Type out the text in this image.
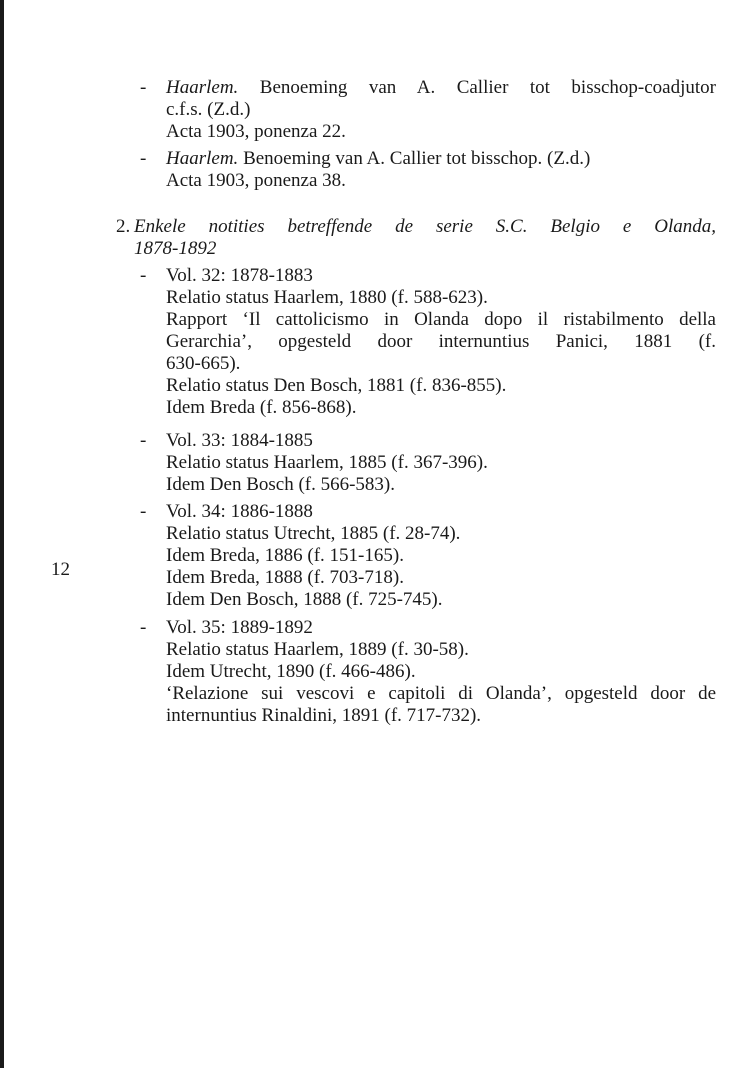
12
-	Haarlem. Benoeming van A. Callier tot bisschop-coadjutor
c.f.s. (Z.d.)
Acta 1903, ponenza 22.
-	Haarlem. Benoeming van A. Callier tot bisschop. (Z.d.)
Acta 1903, ponenza 38.
2. Enkele notities betreffende de serie S.C. Belgio e Olanda,
1878-1892
-	Vol. 32: 1878-1883
Relatio status Haarlem, 1880 (f. 588-623).
Rapport ‘Il cattolicismo in Olanda dopo il ristabilmento della
Gerarchia’, opgesteld door internuntius Panici, 1881 (f.
630-665).
Relatio status Den Bosch, 1881 (f. 836-855).
Idem Breda (f. 856-868).
-	Vol. 33: 1884-1885
Relatio status Haarlem, 1885 (f. 367-396).
Idem Den Bosch (f. 566-583).
-	Vol. 34: 1886-1888
Relatio status Utrecht, 1885 (f. 28-74).
Idem Breda, 1886 (f. 151-165).
Idem Breda, 1888 (f. 703-718).
Idem Den Bosch, 1888 (f. 725-745).
-	Vol. 35: 1889-1892
Relatio status Haarlem, 1889 (f. 30-58).
Idem Utrecht, 1890 (f. 466-486).
‘Relazione sui vescovi e capitoli di Olanda’, opgesteld door de
internuntius Rinaldini, 1891 (f. 717-732).
